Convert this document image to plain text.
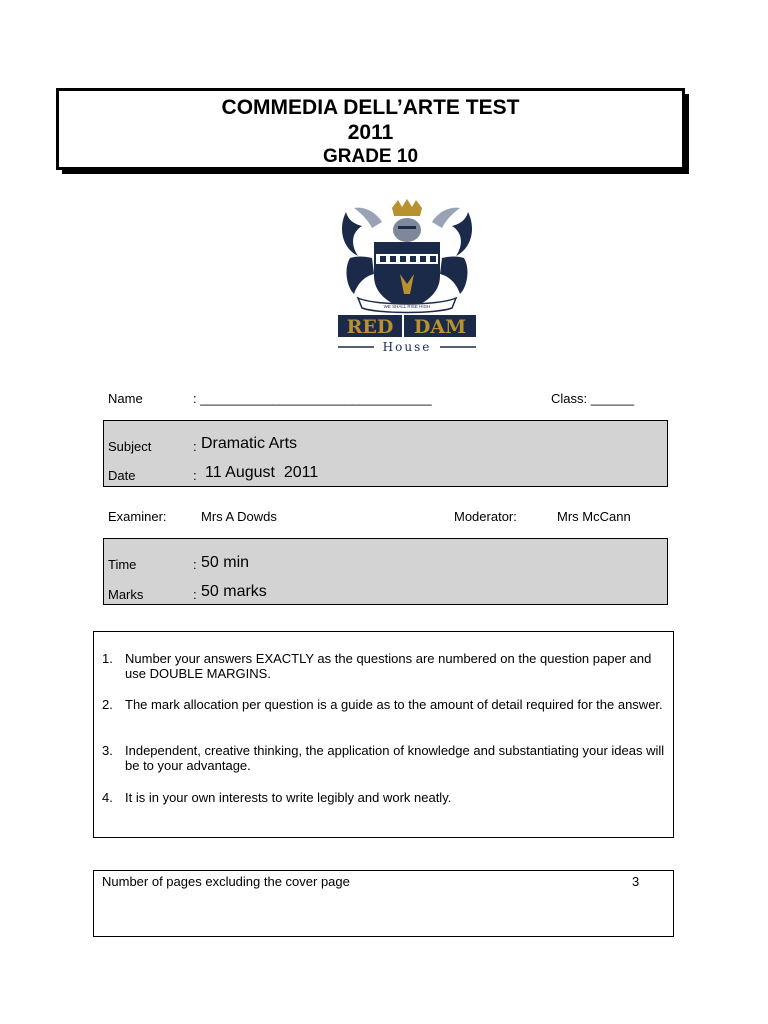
COMMEDIA DELL’ARTE TEST
2011
GRADE 10
WE SHALL RISE HIGH
RED DAM
House
Name	: ________________________________	Class: ______
Subject	: Dramatic Arts
Date	: 11 August  2011
Examiner:	Mrs A Dowds	Moderator:	Mrs McCann
Time	: 50 min
Marks	: 50 marks
1. Number your answers EXACTLY as the questions are numbered on the question paper and use DOUBLE MARGINS.
2. The mark allocation per question is a guide as to the amount of detail required for the answer.
3. Independent, creative thinking, the application of knowledge and substantiating your ideas will be to your advantage.
4. It is in your own interests to write legibly and work neatly.
Number of pages excluding the cover page	3
